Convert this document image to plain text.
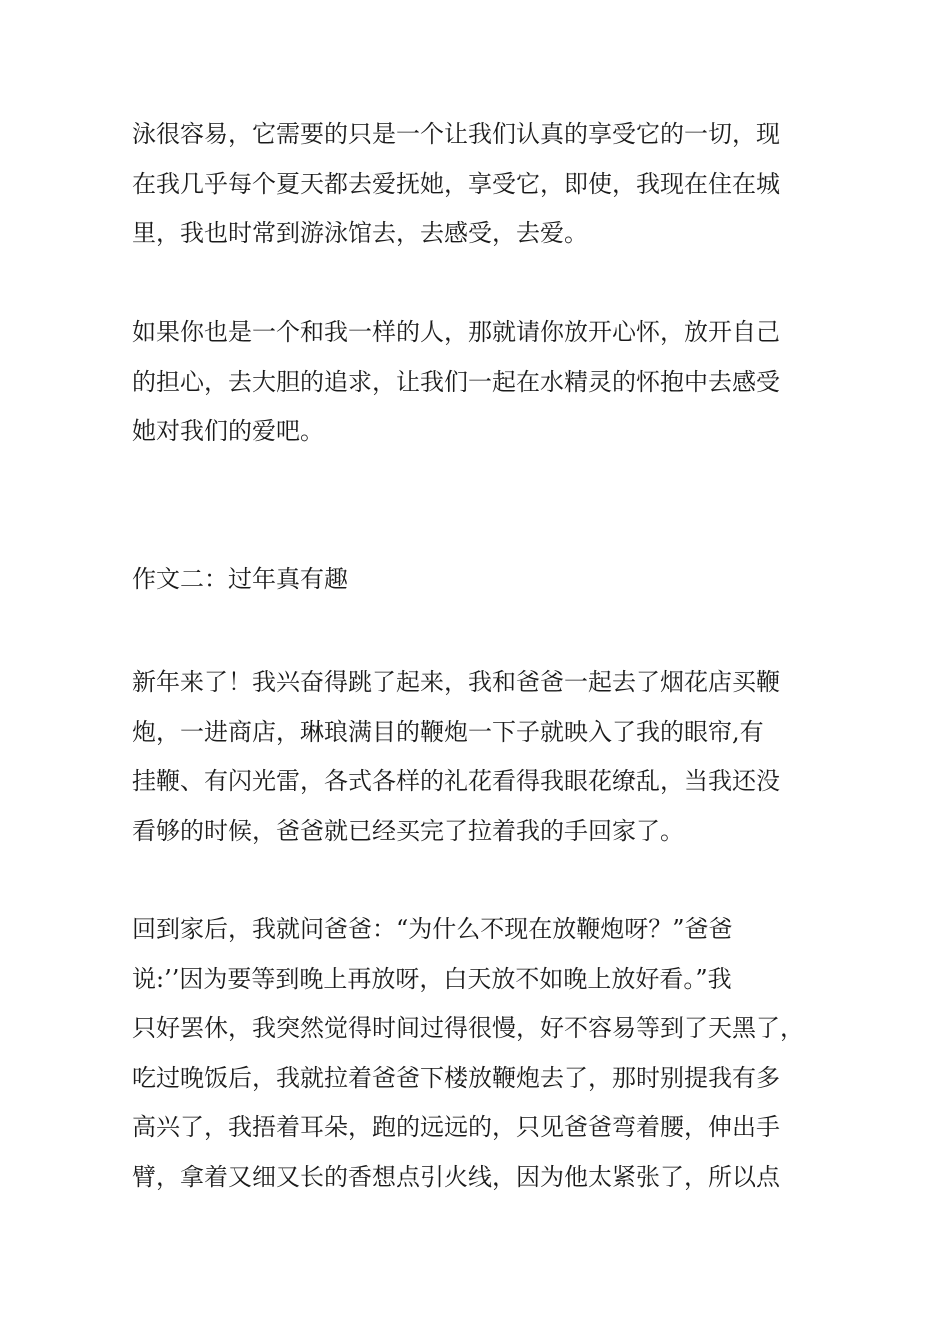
泳很容易，它需要的只是一个让我们认真的享受它的一切，现
在我几乎每个夏天都去爱抚她，享受它，即使，我现在住在城
里，我也时常到游泳馆去，去感受，去爱。
如果你也是一个和我一样的人，那就请你放开心怀，放开自己
的担心，去大胆的追求，让我们一起在水精灵的怀抱中去感受
她对我们的爱吧。
作文二：过年真有趣
新年来了！我兴奋得跳了起来，我和爸爸一起去了烟花店买鞭
炮，一进商店，琳琅满目的鞭炮一下子就映入了我的眼帘,有
挂鞭、有闪光雷，各式各样的礼花看得我眼花缭乱，当我还没
看够的时候，爸爸就已经买完了拉着我的手回家了。
回到家后，我就问爸爸：“为什么不现在放鞭炮呀？”爸爸
说:’’因为要等到晚上再放呀，白天放不如晚上放好看。”我
只好罢休，我突然觉得时间过得很慢，好不容易等到了天黑了，
吃过晚饭后，我就拉着爸爸下楼放鞭炮去了，那时别提我有多
高兴了，我捂着耳朵，跑的远远的，只见爸爸弯着腰，伸出手
臂，拿着又细又长的香想点引火线，因为他太紧张了，所以点
